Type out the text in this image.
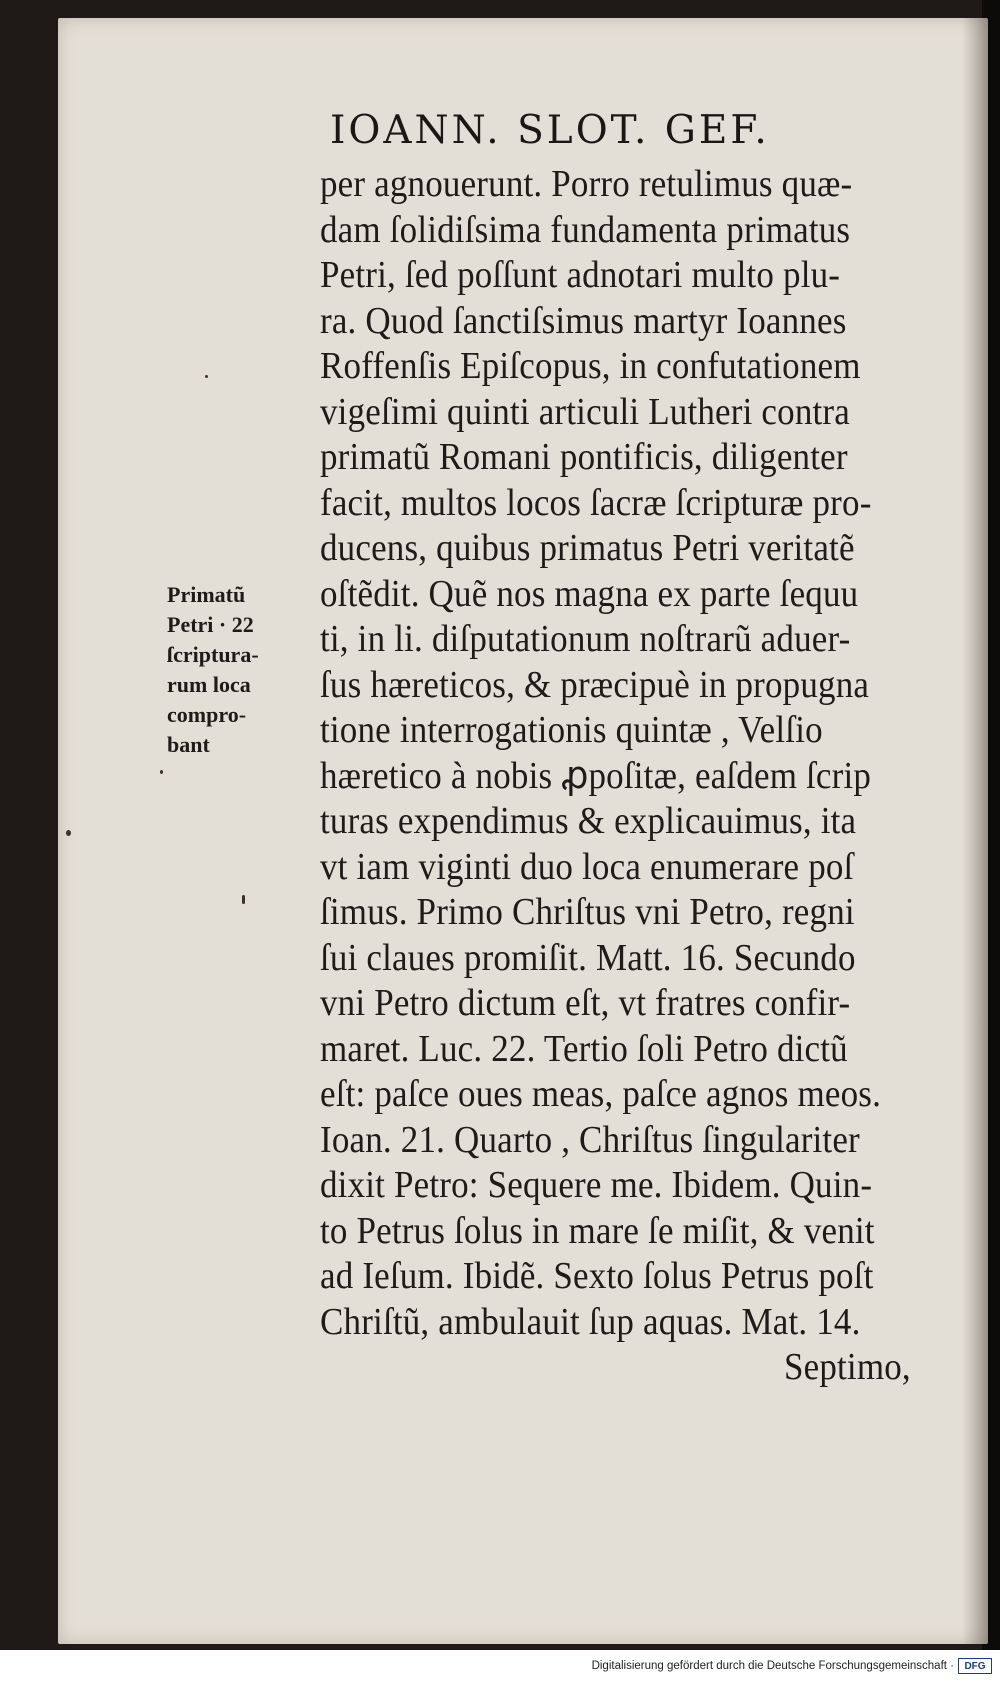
IOANN. SLOT. GEF.
per agnouerunt. Porro retulimus quæ-
dam ſolidiſsima fundamenta primatus
Petri, ſed poſſunt adnotari multo plu-
ra. Quod ſanctiſsimus martyr Ioannes
Roffenſis Epiſcopus, in confutationem
vigeſimi quinti articuli Lutheri contra
primatũ Romani pontificis, diligenter
facit, multos locos ſacræ ſcripturæ pro-
ducens, quibus primatus Petri veritatẽ
oſtẽdit. Quẽ nos magna ex parte ſequu
ti, in li. diſputationum noſtrarũ aduer-
ſus hæreticos, & præcipuè in propugna
tione interrogationis quintæ , Velſio
hæretico à nobis ꝓpoſitæ, eaſdem ſcrip
turas expendimus & explicauimus, ita
vt iam viginti duo loca enumerare poſ
ſimus. Primo Chriſtus vni Petro, regni
ſui claues promiſit. Matt. 16. Secundo
vni Petro dictum eſt, vt fratres confir-
maret. Luc. 22. Tertio ſoli Petro dictũ
eſt: paſce oues meas, paſce agnos meos.
Ioan. 21. Quarto , Chriſtus ſingulariter
dixit Petro: Sequere me. Ibidem. Quin-
to Petrus ſolus in mare ſe miſit, & venit
ad Ieſum. Ibidẽ. Sexto ſolus Petrus poſt
Chriſtũ, ambulauit ſup aquas. Mat. 14.
Septimo,
Primatũ
Petri · 22
ſcriptura-
rum loca
compro-
bant
Digitalisierung gefördert durch die Deutsche Forschungsgemeinschaft ·	DFG
